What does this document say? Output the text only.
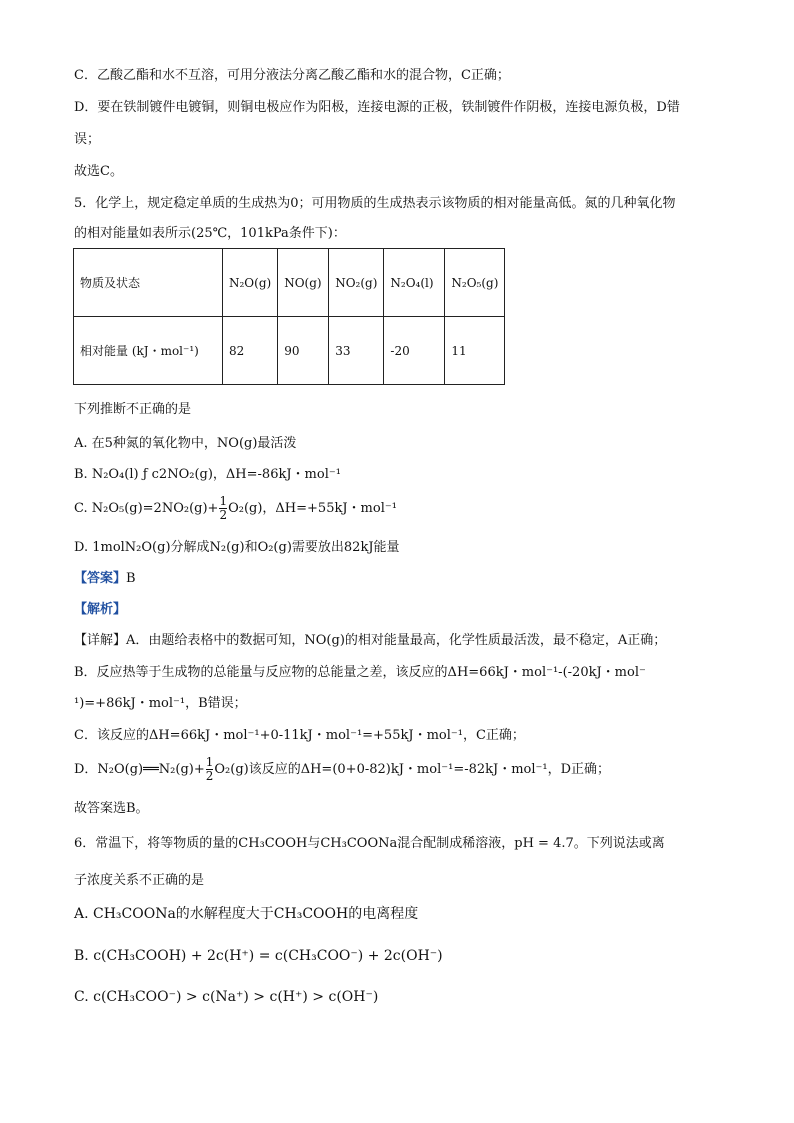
C．乙酸乙酯和水不互溶，可用分液法分离乙酸乙酯和水的混合物，C正确；
D．要在铁制镀件电镀铜，则铜电极应作为阳极，连接电源的正极，铁制镀件作阴极，连接电源负极，D错
误；
故选C。
5．化学上，规定稳定单质的生成热为0；可用物质的生成热表示该物质的相对能量高低。氮的几种氧化物
的相对能量如表所示(25℃，101kPa条件下)：
物质及状态	N₂O(g)	NO(g)	NO₂(g)	N₂O₄(l)	N₂O₅(g)
相对能量 (kJ・mol⁻¹)	82	90	33	-20	11
下列推断不正确的是
A. 在5种氮的氧化物中，NO(g)最活泼
B. N₂O₄(l) ƒ c2NO₂(g)，ΔH=-86kJ・mol⁻¹
C. $N_2O_5(g)=2NO_2(g)+ \frac{1}{2} O_2(g)$，ΔH=+55kJ・mol⁻¹
D. 1molN₂O(g)分解成N₂(g)和O₂(g)需要放出82kJ能量
【答案】B
【解析】
【详解】A．由题给表格中的数据可知，NO(g)的相对能量最高，化学性质最活泼，最不稳定，A正确；
B．反应热等于生成物的总能量与反应物的总能量之差，该反应的ΔH=66kJ・mol⁻¹-(-20kJ・mol⁻
¹)=+86kJ・mol⁻¹，B错误；
C．该反应的ΔH=66kJ・mol⁻¹+0-11kJ・mol⁻¹=+55kJ・mol⁻¹，C正确；
D．N₂O(g)══N₂(g)+ $\frac{1}{2} O_2(g)$该反应的ΔH=(0+0-82)kJ・mol⁻¹=-82kJ・mol⁻¹，D正确；
故答案选B。
6．常温下，将等物质的量的CH₃COOH与CH₃COONa混合配制成稀溶液，pH = 4.7。下列说法或离
子浓度关系不正确的是
A. CH₃COONa的水解程度大于CH₃COOH的电离程度
B. c(CH₃COOH) + 2c(H⁺) = c(CH₃COO⁻) + 2c(OH⁻)
C. c(CH₃COO⁻) > c(Na⁺) > c(H⁺) > c(OH⁻)
